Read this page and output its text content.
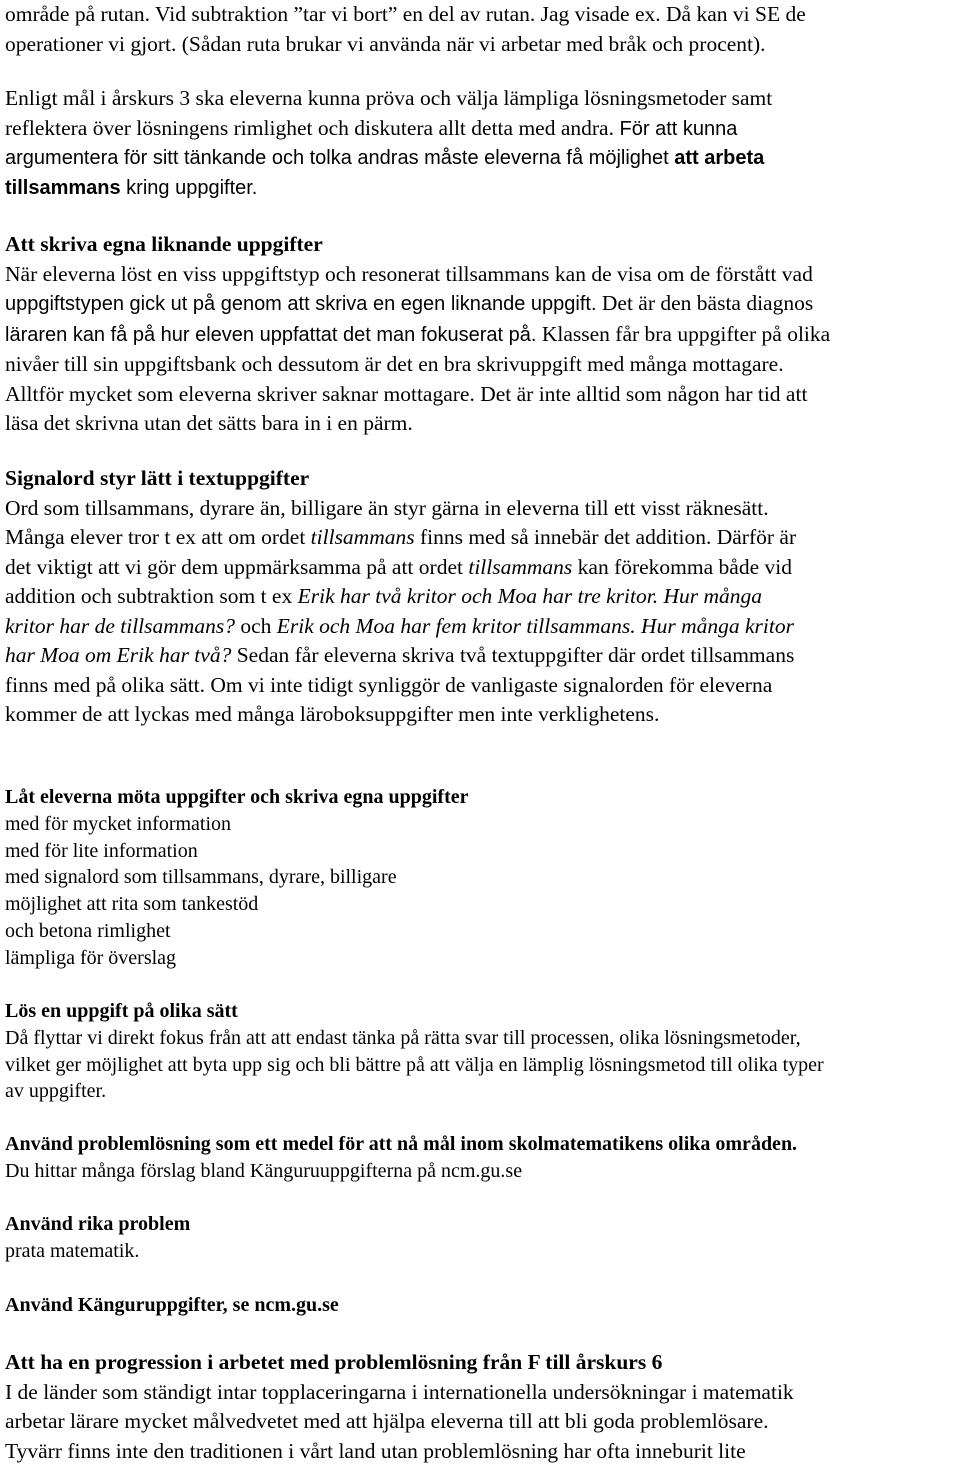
område på rutan. Vid subtraktion ”tar vi bort” en del av rutan. Jag visade ex. Då kan vi SE de
operationer vi gjort. (Sådan ruta brukar vi använda när vi arbetar med bråk och procent).
Enligt mål i årskurs 3 ska eleverna kunna pröva och välja lämpliga lösningsmetoder samt
reflektera över lösningens rimlighet och diskutera allt detta med andra. För att kunna
argumentera för sitt tänkande och tolka andras måste eleverna få möjlighet att arbeta
tillsammans kring uppgifter.
Att skriva egna liknande uppgifter
När eleverna löst en viss uppgiftstyp och resonerat tillsammans kan de visa om de förstått vad
uppgiftstypen gick ut på genom att skriva en egen liknande uppgift. Det är den bästa diagnos
läraren kan få på hur eleven uppfattat det man fokuserat på. Klassen får bra uppgifter på olika
nivåer till sin uppgiftsbank och dessutom är det en bra skrivuppgift med många mottagare.
Alltför mycket som eleverna skriver saknar mottagare. Det är inte alltid som någon har tid att
läsa det skrivna utan det sätts bara in i en pärm.
Signalord styr lätt i textuppgifter
Ord som tillsammans, dyrare än, billigare än styr gärna in eleverna till ett visst räknesätt.
Många elever tror t ex att om ordet tillsammans finns med så innebär det addition. Därför är
det viktigt att vi gör dem uppmärksamma på att ordet tillsammans kan förekomma både vid
addition och subtraktion som t ex Erik har två kritor och Moa har tre kritor. Hur många
kritor har de tillsammans? och Erik och Moa har fem kritor tillsammans. Hur många kritor
har Moa om Erik har två? Sedan får eleverna skriva två textuppgifter där ordet tillsammans
finns med på olika sätt. Om vi inte tidigt synliggör de vanligaste signalorden för eleverna
kommer de att lyckas med många läroboksuppgifter men inte verklighetens.
Låt eleverna möta uppgifter och skriva egna uppgifter
med för mycket information
med för lite information
med signalord som tillsammans, dyrare, billigare
möjlighet att rita som tankestöd
och betona rimlighet
lämpliga för överslag
Lös en uppgift på olika sätt
Då flyttar vi direkt fokus från att att endast tänka på rätta svar till processen, olika lösningsmetoder,
vilket ger möjlighet att byta upp sig och bli bättre på att välja en lämplig lösningsmetod till olika typer
av uppgifter.
Använd problemlösning som ett medel för att nå mål inom skolmatematikens olika områden.
Du hittar många förslag bland Känguruuppgifterna på ncm.gu.se
Använd rika problem
prata matematik.
Använd Känguruppgifter, se ncm.gu.se
Att ha en progression i arbetet med problemlösning från F till årskurs 6
I de länder som ständigt intar topplaceringarna i internationella undersökningar i matematik
arbetar lärare mycket målvedvetet med att hjälpa eleverna till att bli goda problemlösare.
Tyvärr finns inte den traditionen i vårt land utan problemlösning har ofta inneburit lite
